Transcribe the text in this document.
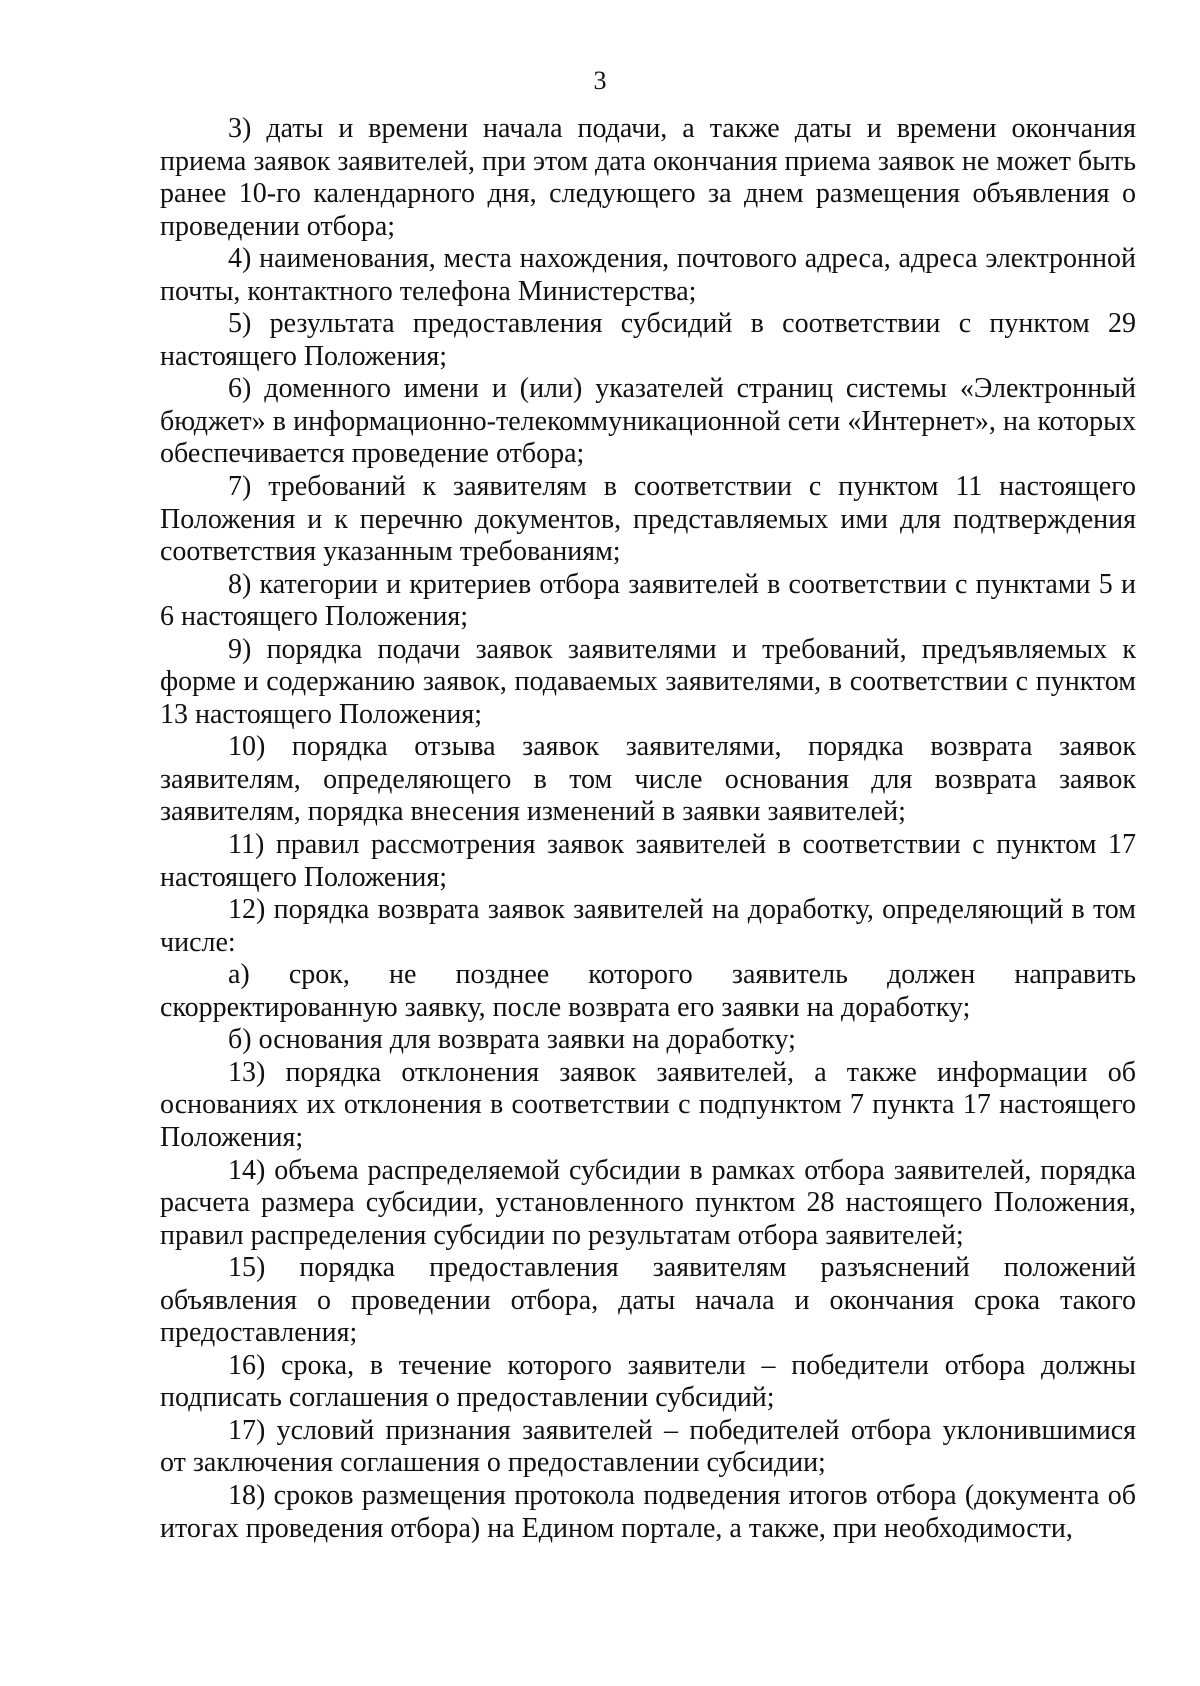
3

3) даты и времени начала подачи, а также даты и времени окончания приема заявок заявителей, при этом дата окончания приема заявок не может быть ранее 10-го календарного дня, следующего за днем размещения объявления о проведении отбора;

4) наименования, места нахождения, почтового адреса, адреса электронной почты, контактного телефона Министерства;

5) результата предоставления субсидий в соответствии с пунктом 29 настоящего Положения;

6) доменного имени и (или) указателей страниц системы «Электронный бюджет» в информационно-телекоммуникационной сети «Интернет», на которых обеспечивается проведение отбора;

7) требований к заявителям в соответствии с пунктом 11 настоящего Положения и к перечню документов, представляемых ими для подтверждения соответствия указанным требованиям;

8) категории и критериев отбора заявителей в соответствии с пунктами 5 и 6 настоящего Положения;

9) порядка подачи заявок заявителями и требований, предъявляемых к форме и содержанию заявок, подаваемых заявителями, в соответствии с пунктом 13 настоящего Положения;

10) порядка отзыва заявок заявителями, порядка возврата заявок заявителям, определяющего в том числе основания для возврата заявок заявителям, порядка внесения изменений в заявки заявителей;

11) правил рассмотрения заявок заявителей в соответствии с пунктом 17 настоящего Положения;

12) порядка возврата заявок заявителей на доработку, определяющий в том числе:

а) срок, не позднее которого заявитель должен направить скорректированную заявку, после возврата его заявки на доработку;

б) основания для возврата заявки на доработку;

13) порядка отклонения заявок заявителей, а также информации об основаниях их отклонения в соответствии с подпунктом 7 пункта 17 настоящего Положения;

14) объема распределяемой субсидии в рамках отбора заявителей, порядка расчета размера субсидии, установленного пунктом 28 настоящего Положения, правил распределения субсидии по результатам отбора заявителей;

15) порядка предоставления заявителям разъяснений положений объявления о проведении отбора, даты начала и окончания срока такого предоставления;

16) срока, в течение которого заявители – победители отбора должны подписать соглашения о предоставлении субсидий;

17) условий признания заявителей – победителей отбора уклонившимися от заключения соглашения о предоставлении субсидии;

18) сроков размещения протокола подведения итогов отбора (документа об итогах проведения отбора) на Едином портале, а также, при необходимости,
